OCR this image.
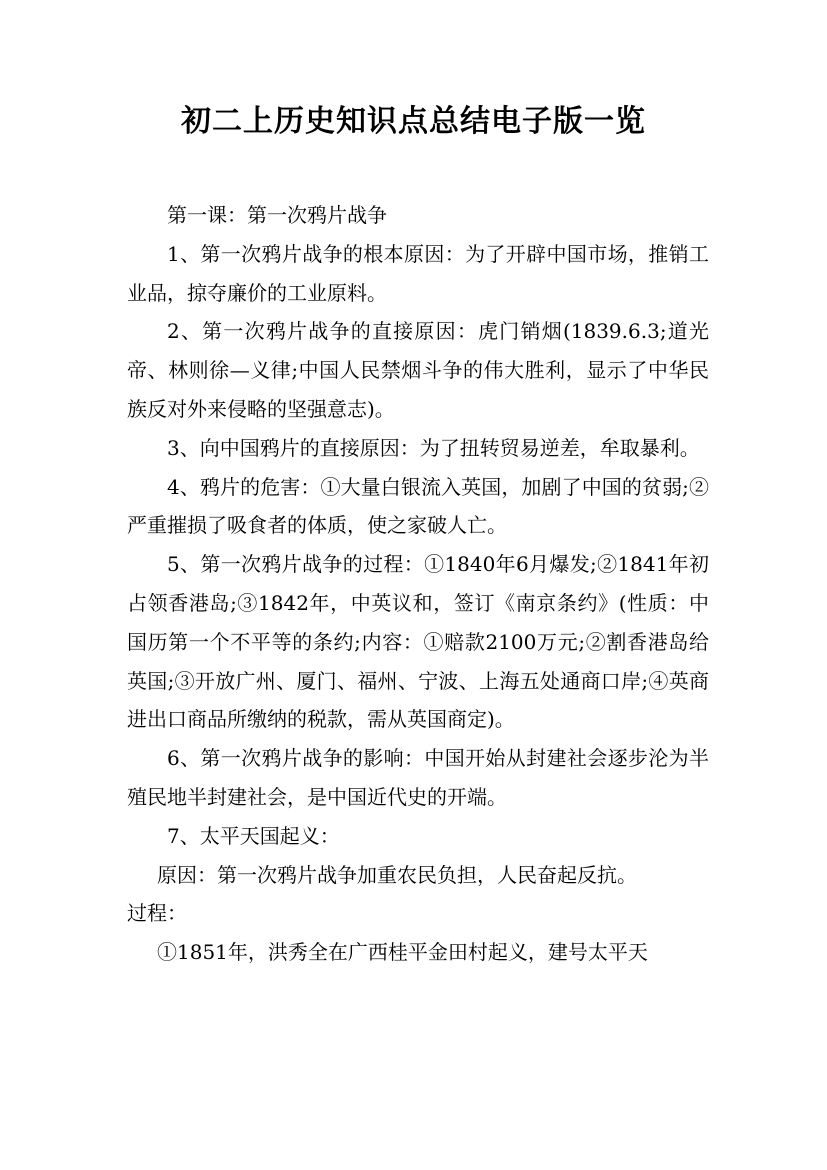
初二上历史知识点总结电子版一览

第一课：第一次鸦片战争

1、第一次鸦片战争的根本原因：为了开辟中国市场，推销工业品，掠夺廉价的工业原料。

2、第一次鸦片战争的直接原因：虎门销烟(1839.6.3;道光帝、林则徐—义律;中国人民禁烟斗争的伟大胜利，显示了中华民族反对外来侵略的坚强意志)。

3、向中国鸦片的直接原因：为了扭转贸易逆差，牟取暴利。

4、鸦片的危害：①大量白银流入英国，加剧了中国的贫弱;②严重摧损了吸食者的体质，使之家破人亡。

5、第一次鸦片战争的过程：①1840年6月爆发;②1841年初占领香港岛;③1842年，中英议和，签订《南京条约》(性质：中国历第一个不平等的条约;内容：①赔款2100万元;②割香港岛给英国;③开放广州、厦门、福州、宁波、上海五处通商口岸;④英商进出口商品所缴纳的税款，需从英国商定)。

6、第一次鸦片战争的影响：中国开始从封建社会逐步沦为半殖民地半封建社会，是中国近代史的开端。

7、太平天国起义：

原因：第一次鸦片战争加重农民负担，人民奋起反抗。

过程：

①1851年，洪秀全在广西桂平金田村起义，建号太平天
